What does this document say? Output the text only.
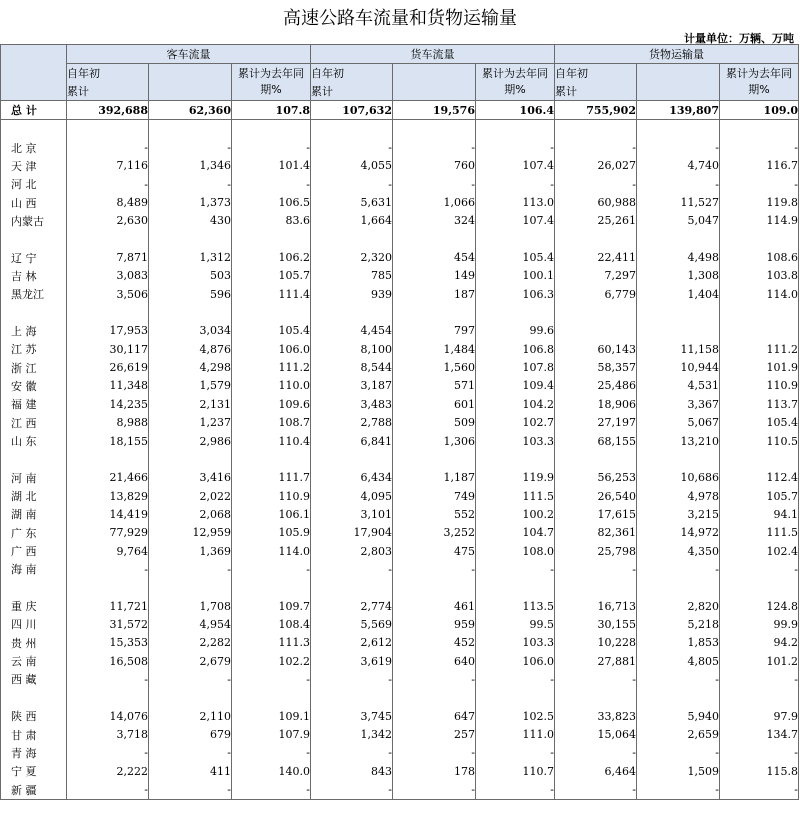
高速公路车流量和货物运输量
计量单位：万辆、万吨
	客车流量			货车流量			货物运输量		
	自年初		累计为去年同期%	自年初		累计为去年同期%	自年初		累计为去年同期%
	累计			累计			累计		
总 计	392,688	62,360	107.8	107,632	19,576	106.4	755,902	139,807	109.0

北 京	-	-	-	-	-	-	-	-	-
天 津	7,116	1,346	101.4	4,055	760	107.4	26,027	4,740	116.7
河 北	-	-	-	-	-	-	-	-	-
山 西	8,489	1,373	106.5	5,631	1,066	113.0	60,988	11,527	119.8
内蒙古	2,630	430	83.6	1,664	324	107.4	25,261	5,047	114.9

辽 宁	7,871	1,312	106.2	2,320	454	105.4	22,411	4,498	108.6
吉 林	3,083	503	105.7	785	149	100.1	7,297	1,308	103.8
黑龙江	3,506	596	111.4	939	187	106.3	6,779	1,404	114.0

上 海	17,953	3,034	105.4	4,454	797	99.6			
江 苏	30,117	4,876	106.0	8,100	1,484	106.8	60,143	11,158	111.2
浙 江	26,619	4,298	111.2	8,544	1,560	107.8	58,357	10,944	101.9
安 徽	11,348	1,579	110.0	3,187	571	109.4	25,486	4,531	110.9
福 建	14,235	2,131	109.6	3,483	601	104.2	18,906	3,367	113.7
江 西	8,988	1,237	108.7	2,788	509	102.7	27,197	5,067	105.4
山 东	18,155	2,986	110.4	6,841	1,306	103.3	68,155	13,210	110.5

河 南	21,466	3,416	111.7	6,434	1,187	119.9	56,253	10,686	112.4
湖 北	13,829	2,022	110.9	4,095	749	111.5	26,540	4,978	105.7
湖 南	14,419	2,068	106.1	3,101	552	100.2	17,615	3,215	94.1
广 东	77,929	12,959	105.9	17,904	3,252	104.7	82,361	14,972	111.5
广 西	9,764	1,369	114.0	2,803	475	108.0	25,798	4,350	102.4
海 南	-	-	-	-	-	-	-	-	-

重 庆	11,721	1,708	109.7	2,774	461	113.5	16,713	2,820	124.8
四 川	31,572	4,954	108.4	5,569	959	99.5	30,155	5,218	99.9
贵 州	15,353	2,282	111.3	2,612	452	103.3	10,228	1,853	94.2
云 南	16,508	2,679	102.2	3,619	640	106.0	27,881	4,805	101.2
西 藏	-	-	-	-	-	-	-	-	-

陕 西	14,076	2,110	109.1	3,745	647	102.5	33,823	5,940	97.9
甘 肃	3,718	679	107.9	1,342	257	111.0	15,064	2,659	134.7
青 海	-	-	-	-	-	-	-	-	-
宁 夏	2,222	411	140.0	843	178	110.7	6,464	1,509	115.8
新 疆	-	-	-	-	-	-	-	-	-
